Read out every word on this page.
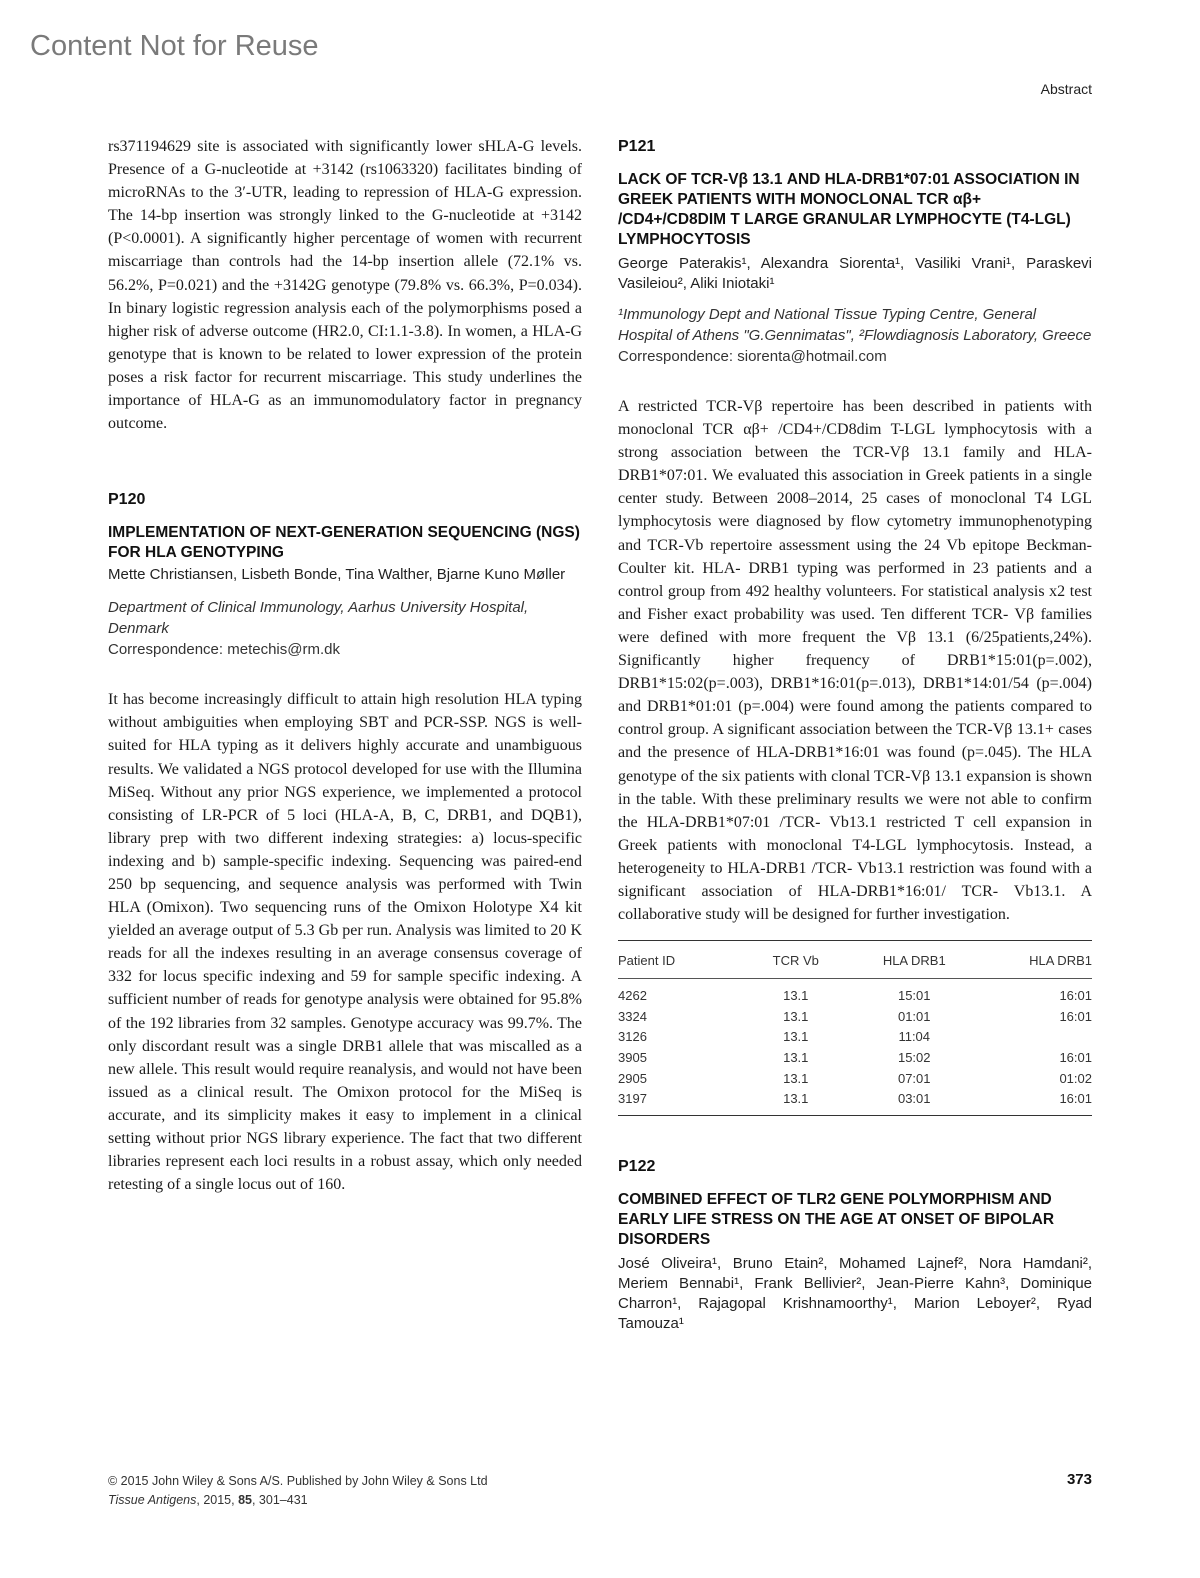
Content Not for Reuse
Abstract

rs371194629 site is associated with significantly lower sHLA-G levels. Presence of a G-nucleotide at +3142 (rs1063320) facilitates binding of microRNAs to the 3′-UTR, leading to repression of HLA-G expression. The 14-bp insertion was strongly linked to the G-nucleotide at +3142 (P<0.0001). A significantly higher percentage of women with recurrent miscarriage than controls had the 14-bp insertion allele (72.1% vs. 56.2%, P=0.021) and the +3142G genotype (79.8% vs. 66.3%, P=0.034). In binary logistic regression analysis each of the polymorphisms posed a higher risk of adverse outcome (HR2.0, CI:1.1-3.8). In women, a HLA-G genotype that is known to be related to lower expression of the protein poses a risk factor for recurrent miscarriage. This study underlines the importance of HLA-G as an immunomodulatory factor in pregnancy outcome.

P120

IMPLEMENTATION OF NEXT-GENERATION SEQUENCING (NGS) FOR HLA GENOTYPING

Mette Christiansen, Lisbeth Bonde, Tina Walther, Bjarne Kuno Møller

Department of Clinical Immunology, Aarhus University Hospital, Denmark

Correspondence: metechis@rm.dk

It has become increasingly difficult to attain high resolution HLA typing without ambiguities when employing SBT and PCR-SSP. NGS is well-suited for HLA typing as it delivers highly accurate and unambiguous results. We validated a NGS protocol developed for use with the Illumina MiSeq. Without any prior NGS experience, we implemented a protocol consisting of LR-PCR of 5 loci (HLA-A, B, C, DRB1, and DQB1), library prep with two different indexing strategies: a) locus-specific indexing and b) sample-specific indexing. Sequencing was paired-end 250 bp sequencing, and sequence analysis was performed with Twin HLA (Omixon). Two sequencing runs of the Omixon Holotype X4 kit yielded an average output of 5.3 Gb per run. Analysis was limited to 20 K reads for all the indexes resulting in an average consensus coverage of 332 for locus specific indexing and 59 for sample specific indexing. A sufficient number of reads for genotype analysis were obtained for 95.8% of the 192 libraries from 32 samples. Genotype accuracy was 99.7%. The only discordant result was a single DRB1 allele that was miscalled as a new allele. This result would require reanalysis, and would not have been issued as a clinical result. The Omixon protocol for the MiSeq is accurate, and its simplicity makes it easy to implement in a clinical setting without prior NGS library experience. The fact that two different libraries represent each loci results in a robust assay, which only needed retesting of a single locus out of 160.

P121

LACK OF TCR-Vβ 13.1 AND HLA-DRB1*07:01 ASSOCIATION IN GREEK PATIENTS WITH MONOCLONAL TCR αβ+ /CD4+/CD8DIM T LARGE GRANULAR LYMPHOCYTE (T4-LGL) LYMPHOCYTOSIS

George Paterakis¹, Alexandra Siorenta¹, Vasiliki Vrani¹, Paraskevi Vasileiou², Aliki Iniotaki¹

¹Immunology Dept and National Tissue Typing Centre, General Hospital of Athens "G.Gennimatas", ²Flowdiagnosis Laboratory, Greece

Correspondence: siorenta@hotmail.com

A restricted TCR-Vβ repertoire has been described in patients with monoclonal TCR αβ+ /CD4+/CD8dim T-LGL lymphocytosis with a strong association between the TCR-Vβ 13.1 family and HLA-DRB1*07:01. We evaluated this association in Greek patients in a single center study. Between 2008–2014, 25 cases of monoclonal T4 LGL lymphocytosis were diagnosed by flow cytometry immunophenotyping and TCR-Vb repertoire assessment using the 24 Vb epitope Beckman-Coulter kit. HLA- DRB1 typing was performed in 23 patients and a control group from 492 healthy volunteers. For statistical analysis x2 test and Fisher exact probability was used. Ten different TCR- Vβ families were defined with more frequent the Vβ 13.1 (6/25patients,24%). Significantly higher frequency of DRB1*15:01(p=.002), DRB1*15:02(p=.003), DRB1*16:01(p=.013), DRB1*14:01/54 (p=.004) and DRB1*01:01 (p=.004) were found among the patients compared to control group. A significant association between the TCR-Vβ 13.1+ cases and the presence of HLA-DRB1*16:01 was found (p=.045). The HLA genotype of the six patients with clonal TCR-Vβ 13.1 expansion is shown in the table. With these preliminary results we were not able to confirm the HLA-DRB1*07:01 /TCR- Vb13.1 restricted T cell expansion in Greek patients with monoclonal T4-LGL lymphocytosis. Instead, a heterogeneity to HLA-DRB1 /TCR- Vb13.1 restriction was found with a significant association of HLA-DRB1*16:01/ TCR- Vb13.1. A collaborative study will be designed for further investigation.

Patient ID	TCR Vb	HLA DRB1	HLA DRB1
4262	13.1	15:01	16:01
3324	13.1	01:01	16:01
3126	13.1	11:04	
3905	13.1	15:02	16:01
2905	13.1	07:01	01:02
3197	13.1	03:01	16:01

P122

COMBINED EFFECT OF TLR2 GENE POLYMORPHISM AND EARLY LIFE STRESS ON THE AGE AT ONSET OF BIPOLAR DISORDERS

José Oliveira¹, Bruno Etain², Mohamed Lajnef², Nora Hamdani², Meriem Bennabi¹, Frank Bellivier², Jean-Pierre Kahn³, Dominique Charron¹, Rajagopal Krishnamoorthy¹, Marion Leboyer², Ryad Tamouza¹

© 2015 John Wiley & Sons A/S. Published by John Wiley & Sons Ltd
Tissue Antigens, 2015, 85, 301–431
373
